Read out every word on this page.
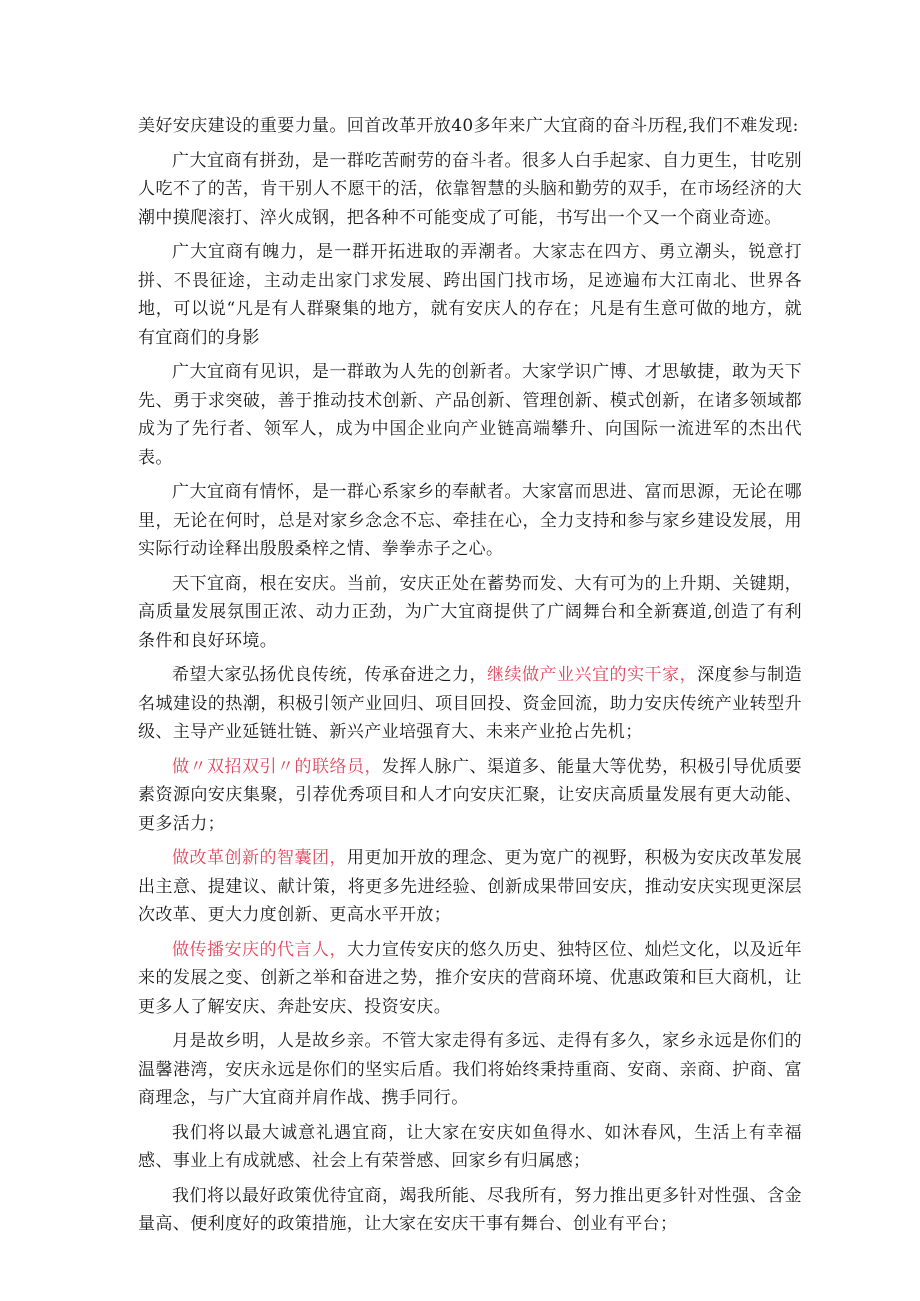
美好安庆建设的重要力量。回首改革开放40多年来广大宜商的奋斗历程,我们不难发现:

广大宜商有拼劲，是一群吃苦耐劳的奋斗者。很多人白手起家、自力更生，甘吃别人吃不了的苦，肯干别人不愿干的活，依靠智慧的头脑和勤劳的双手，在市场经济的大潮中摸爬滚打、淬火成钢，把各种不可能变成了可能，书写出一个又一个商业奇迹。

广大宜商有魄力，是一群开拓进取的弄潮者。大家志在四方、勇立潮头，锐意打拼、不畏征途，主动走出家门求发展、跨出国门找市场，足迹遍布大江南北、世界各地，可以说“凡是有人群聚集的地方，就有安庆人的存在；凡是有生意可做的地方，就有宜商们的身影

广大宜商有见识，是一群敢为人先的创新者。大家学识广博、才思敏捷，敢为天下先、勇于求突破，善于推动技术创新、产品创新、管理创新、模式创新，在诸多领域都成为了先行者、领军人，成为中国企业向产业链高端攀升、向国际一流进军的杰出代表。

广大宜商有情怀，是一群心系家乡的奉献者。大家富而思进、富而思源，无论在哪里，无论在何时，总是对家乡念念不忘、牵挂在心，全力支持和参与家乡建设发展，用实际行动诠释出殷殷桑梓之情、拳拳赤子之心。

天下宜商，根在安庆。当前，安庆正处在蓄势而发、大有可为的上升期、关键期，高质量发展氛围正浓、动力正劲，为广大宜商提供了广阔舞台和全新赛道,创造了有利条件和良好环境。

希望大家弘扬优良传统，传承奋进之力，继续做产业兴宜的实干家，深度参与制造名城建设的热潮，积极引领产业回归、项目回投、资金回流，助力安庆传统产业转型升级、主导产业延链壮链、新兴产业培强育大、未来产业抢占先机；

做〃双招双引〃的联络员，发挥人脉广、渠道多、能量大等优势，积极引导优质要素资源向安庆集聚，引荐优秀项目和人才向安庆汇聚，让安庆高质量发展有更大动能、更多活力；

做改革创新的智囊团，用更加开放的理念、更为宽广的视野，积极为安庆改革发展出主意、提建议、献计策，将更多先进经验、创新成果带回安庆，推动安庆实现更深层次改革、更大力度创新、更高水平开放；

做传播安庆的代言人，大力宣传安庆的悠久历史、独特区位、灿烂文化，以及近年来的发展之变、创新之举和奋进之势，推介安庆的营商环境、优惠政策和巨大商机，让更多人了解安庆、奔赴安庆、投资安庆。

月是故乡明，人是故乡亲。不管大家走得有多远、走得有多久，家乡永远是你们的温馨港湾，安庆永远是你们的坚实后盾。我们将始终秉持重商、安商、亲商、护商、富商理念，与广大宜商并肩作战、携手同行。

我们将以最大诚意礼遇宜商，让大家在安庆如鱼得水、如沐春风，生活上有幸福感、事业上有成就感、社会上有荣誉感、回家乡有归属感；

我们将以最好政策优待宜商，竭我所能、尽我所有，努力推出更多针对性强、含金量高、便利度好的政策措施，让大家在安庆干事有舞台、创业有平台；
